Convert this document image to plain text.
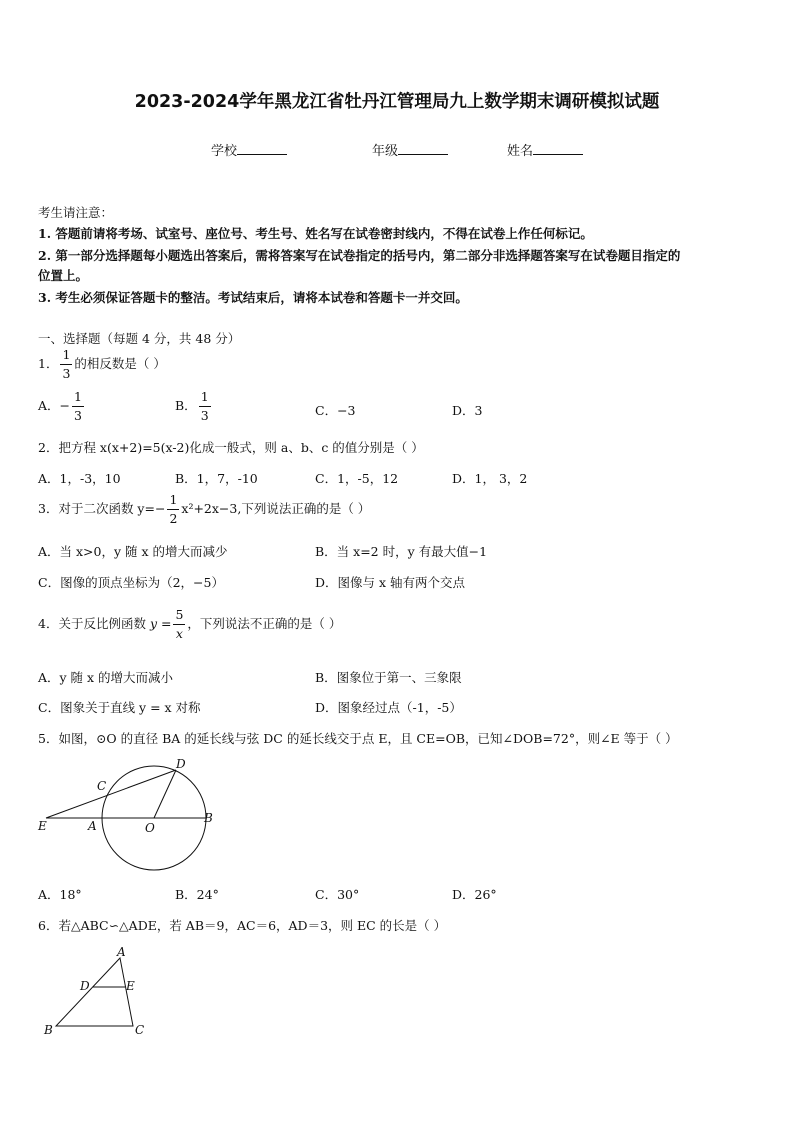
2023-2024学年黑龙江省牡丹江管理局九上数学期末调研模拟试题
学校	年级	姓名
考生请注意：
1. 答题前请将考场、试室号、座位号、考生号、姓名写在试卷密封线内，不得在试卷上作任何标记。
2. 第一部分选择题每小题选出答案后，需将答案写在试卷指定的括号内，第二部分非选择题答案写在试卷题目指定的
位置上。
3. 考生必须保证答题卡的整洁。考试结束后，请将本试卷和答题卡一并交回。
一、选择题（每题 4 分，共 48 分）
1． $\frac{1}{3}$ 的相反数是（ ）
A．− $\frac{1}{3}$	B． $\frac{1}{3}$	C．−3	D．3
2．把方程 x(x+2)=5(x-2)化成一般式，则 a、b、c 的值分别是（ ）
A．1，-3，10	B．1，7，-10	C．1，-5，12	D．1， 3，2
3．对于二次函数 $y=- \frac{1}{2} x^2+2x-3$,下列说法正确的是（ ）
A．当 x>0，y 随 x 的增大而减少	B．当 x=2 时，y 有最大值−1
C．图像的顶点坐标为（2，−5）	D．图像与 x 轴有两个交点
4．关于反比例函数 $y = \frac{5}{x}$ ，下列说法不正确的是（ ）
A．y 随 x 的增大而减小	B．图象位于第一、三象限
C．图象关于直线 y = x 对称	D．图象经过点（-1，-5）
5．如图，⊙O 的直径 BA 的延长线与弦 DC 的延长线交于点 E，且 CE=OB，已知∠DOB=72°，则∠E 等于（ ）
D
C
E	A	O
B
A．18°	B．24°	C．30°	D．26°
6．若△ABC∽△ADE，若 AB＝9，AC＝6，AD＝3，则 EC 的长是（ ）
A
D	E
B	C
